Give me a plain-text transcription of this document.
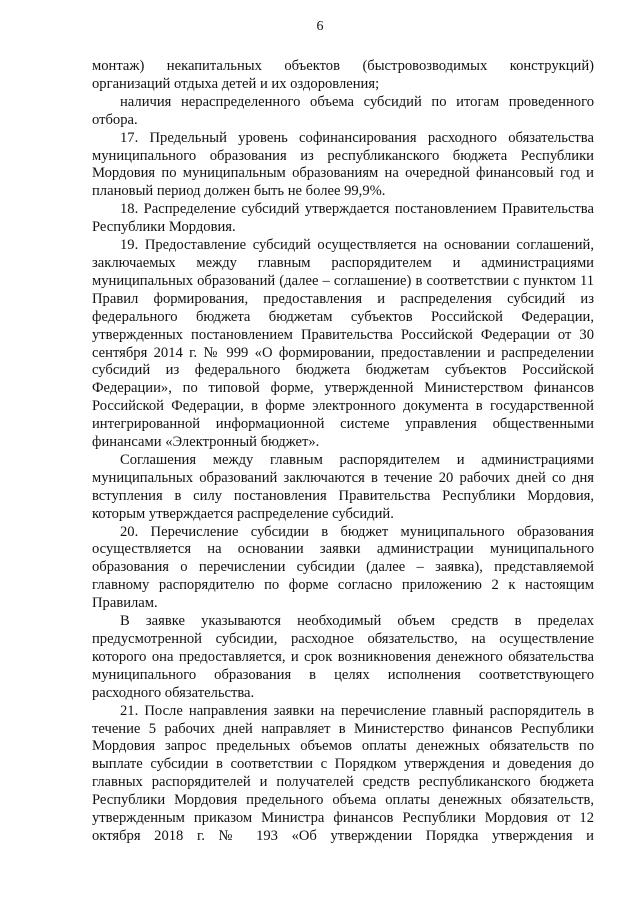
6

монтаж) некапитальных объектов (быстровозводимых конструкций) организаций отдыха детей и их оздоровления;

наличия нераспределенного объема субсидий по итогам проведенного отбора.

17. Предельный уровень софинансирования расходного обязательства муниципального образования из республиканского бюджета Республики Мордовия по муниципальным образованиям на очередной финансовый год и плановый период должен быть не более 99,9%.

18. Распределение субсидий утверждается постановлением Правительства Республики Мордовия.

19. Предоставление субсидий осуществляется на основании соглашений, заключаемых между главным распорядителем и администрациями муниципальных образований (далее – соглашение) в соответствии с пунктом 11 Правил формирования, предоставления и распределения субсидий из федерального бюджета бюджетам субъектов Российской Федерации, утвержденных постановлением Правительства Российской Федерации от 30 сентября 2014 г. № 999 «О формировании, предоставлении и распределении субсидий из федерального бюджета бюджетам субъектов Российской Федерации», по типовой форме, утвержденной Министерством финансов Российской Федерации, в форме электронного документа в государственной интегрированной информационной системе управления общественными финансами «Электронный бюджет».

Соглашения между главным распорядителем и администрациями муниципальных образований заключаются в течение 20 рабочих дней со дня вступления в силу постановления Правительства Республики Мордовия, которым утверждается распределение субсидий.

20. Перечисление субсидии в бюджет муниципального образования осуществляется на основании заявки администрации муниципального образования о перечислении субсидии (далее – заявка), представляемой главному распорядителю по форме согласно приложению 2 к настоящим Правилам.

В заявке указываются необходимый объем средств в пределах предусмотренной субсидии, расходное обязательство, на осуществление которого она предоставляется, и срок возникновения денежного обязательства муниципального образования в целях исполнения соответствующего расходного обязательства.

21. После направления заявки на перечисление главный распорядитель в течение 5 рабочих дней направляет в Министерство финансов Республики Мордовия запрос предельных объемов оплаты денежных обязательств по выплате субсидии в соответствии с Порядком утверждения и доведения до главных распорядителей и получателей средств республиканского бюджета Республики Мордовия предельного объема оплаты денежных обязательств, утвержденным приказом Министра финансов Республики Мордовия от 12 октября 2018 г. № 193 «Об утверждении Порядка утверждения и
